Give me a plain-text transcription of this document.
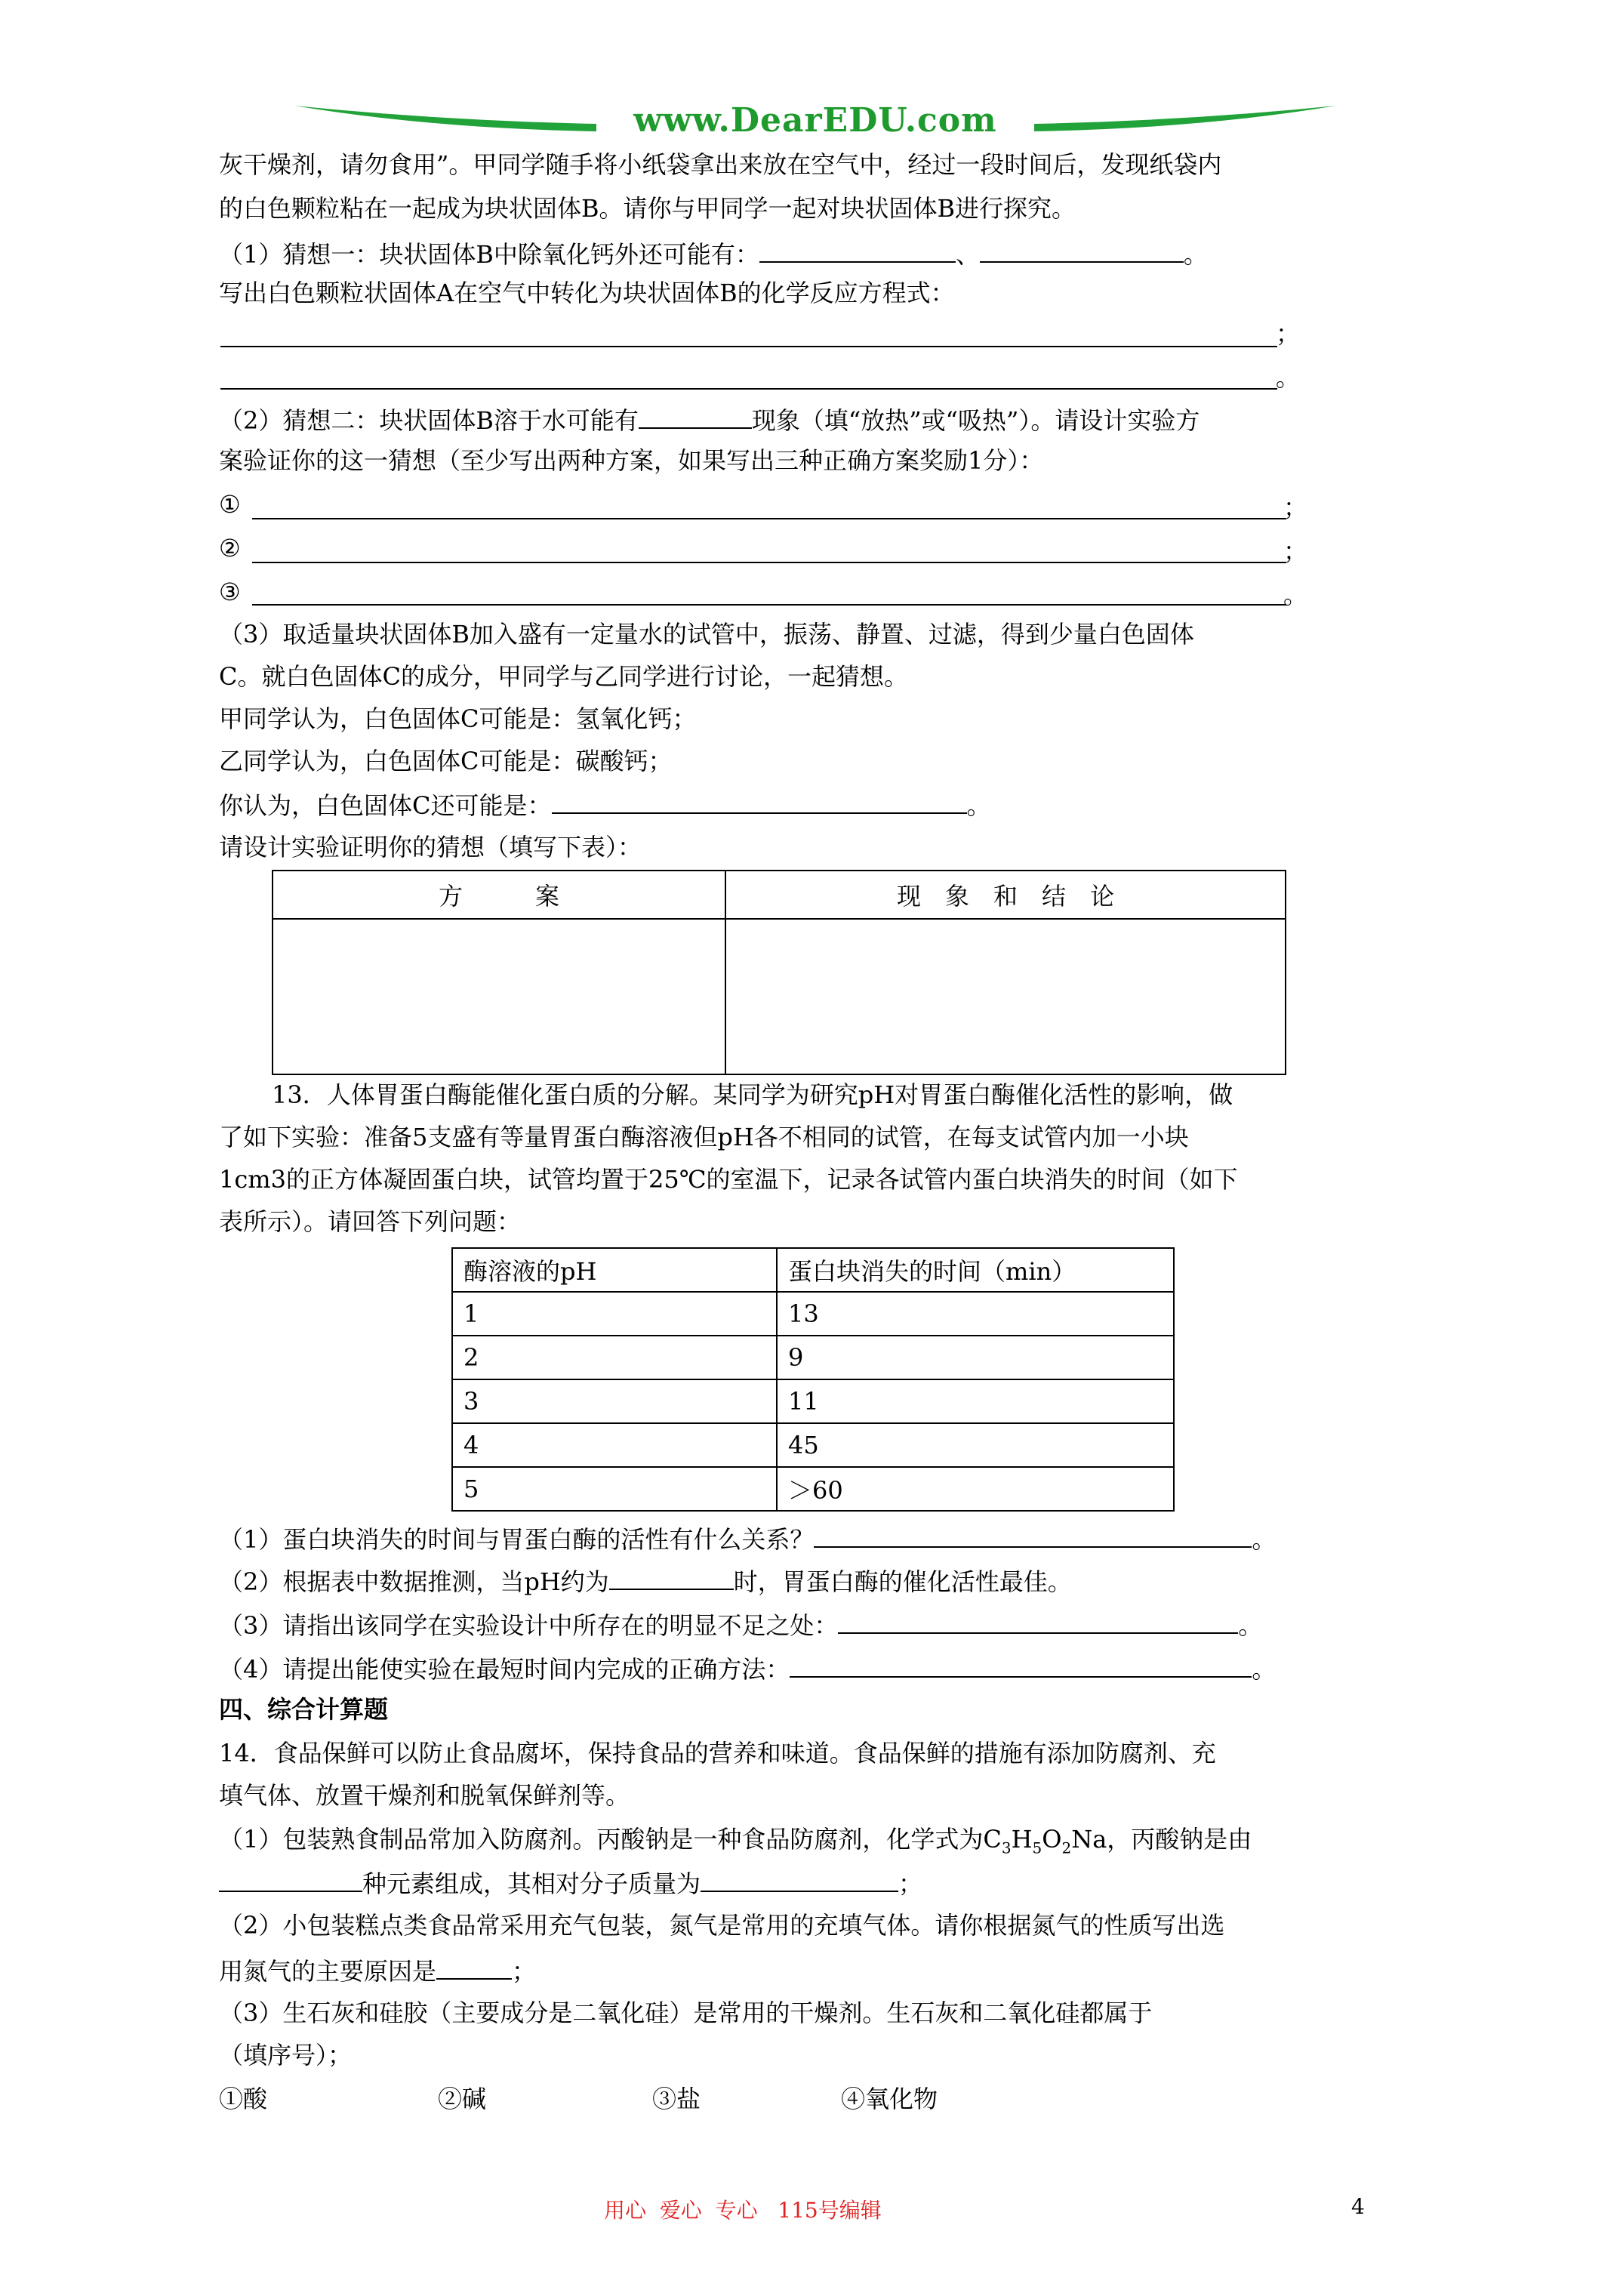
www.DearEDU.com
灰干燥剂，请勿食用”。甲同学随手将小纸袋拿出来放在空气中，经过一段时间后，发现纸袋内
的白色颗粒粘在一起成为块状固体B。请你与甲同学一起对块状固体B进行探究。
（1）猜想一：块状固体B中除氧化钙外还可能有：	、	。
写出白色颗粒状固体A在空气中转化为块状固体B的化学反应方程式：
；
。
（2）猜想二：块状固体B溶于水可能有	现象（填“放热”或“吸热”）。请设计实验方
案验证你的这一猜想（至少写出两种方案，如果写出三种正确方案奖励1分）：
①	；
②	；
③	。
（3）取适量块状固体B加入盛有一定量水的试管中，振荡、静置、过滤，得到少量白色固体
C。就白色固体C的成分，甲同学与乙同学进行讨论，一起猜想。
甲同学认为，白色固体C可能是：氢氧化钙；
乙同学认为，白色固体C可能是：碳酸钙；
你认为，白色固体C还可能是：	。
请设计实验证明你的猜想（填写下表）：
方　　　案	现　象　和　结　论

13．人体胃蛋白酶能催化蛋白质的分解。某同学为研究pH对胃蛋白酶催化活性的影响，做
了如下实验：准备5支盛有等量胃蛋白酶溶液但pH各不相同的试管，在每支试管内加一小块
1cm3的正方体凝固蛋白块，试管均置于25℃的室温下，记录各试管内蛋白块消失的时间（如下
表所示）。请回答下列问题：
酶溶液的pH	蛋白块消失的时间（min）
1	13
2	9
3	11
4	45
5	＞60
（1）蛋白块消失的时间与胃蛋白酶的活性有什么关系？	。
（2）根据表中数据推测，当pH约为	时，胃蛋白酶的催化活性最佳。
（3）请指出该同学在实验设计中所存在的明显不足之处：	。
（4）请提出能使实验在最短时间内完成的正确方法：	。
四、综合计算题
14．食品保鲜可以防止食品腐坏，保持食品的营养和味道。食品保鲜的措施有添加防腐剂、充
填气体、放置干燥剂和脱氧保鲜剂等。
（1）包装熟食制品常加入防腐剂。丙酸钠是一种食品防腐剂，化学式为$C_3H_5O_2Na$，丙酸钠是由
种元素组成，其相对分子质量为	；
（2）小包装糕点类食品常采用充气包装，氮气是常用的充填气体。请你根据氮气的性质写出选
用氮气的主要原因是	；
（3）生石灰和硅胶（主要成分是二氧化硅）是常用的干燥剂。生石灰和二氧化硅都属于
（填序号）；
①酸	②碱	③盐	④氧化物
用心  爱心  专心   115号编辑	4
